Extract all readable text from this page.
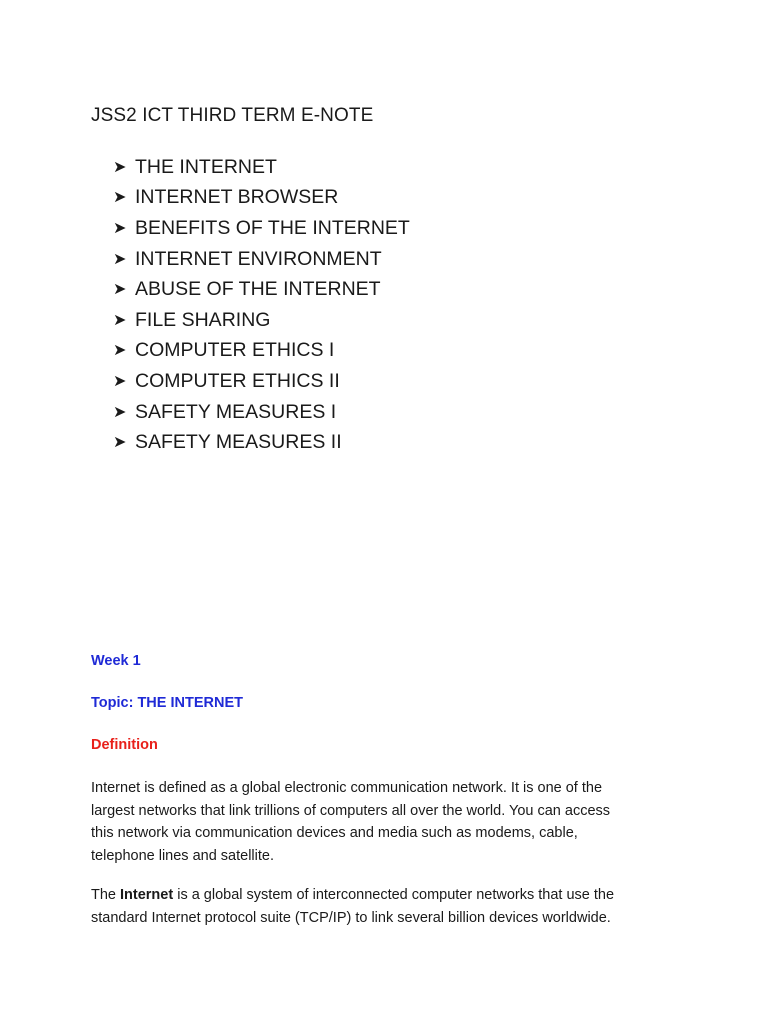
JSS2 ICT THIRD TERM E-NOTE
➤ THE INTERNET
➤ INTERNET BROWSER
➤ BENEFITS OF THE INTERNET
➤ INTERNET ENVIRONMENT
➤ ABUSE OF THE INTERNET
➤ FILE SHARING
➤ COMPUTER ETHICS I
➤ COMPUTER ETHICS II
➤ SAFETY MEASURES I
➤ SAFETY MEASURES II

Week 1

Topic: THE INTERNET

Definition

Internet is defined as a global electronic communication network. It is one of the
largest networks that link trillions of computers all over the world. You can access
this network via communication devices and media such as modems, cable,
telephone lines and satellite.

The Internet is a global system of interconnected computer networks that use the
standard Internet protocol suite (TCP/IP) to link several billion devices worldwide.
